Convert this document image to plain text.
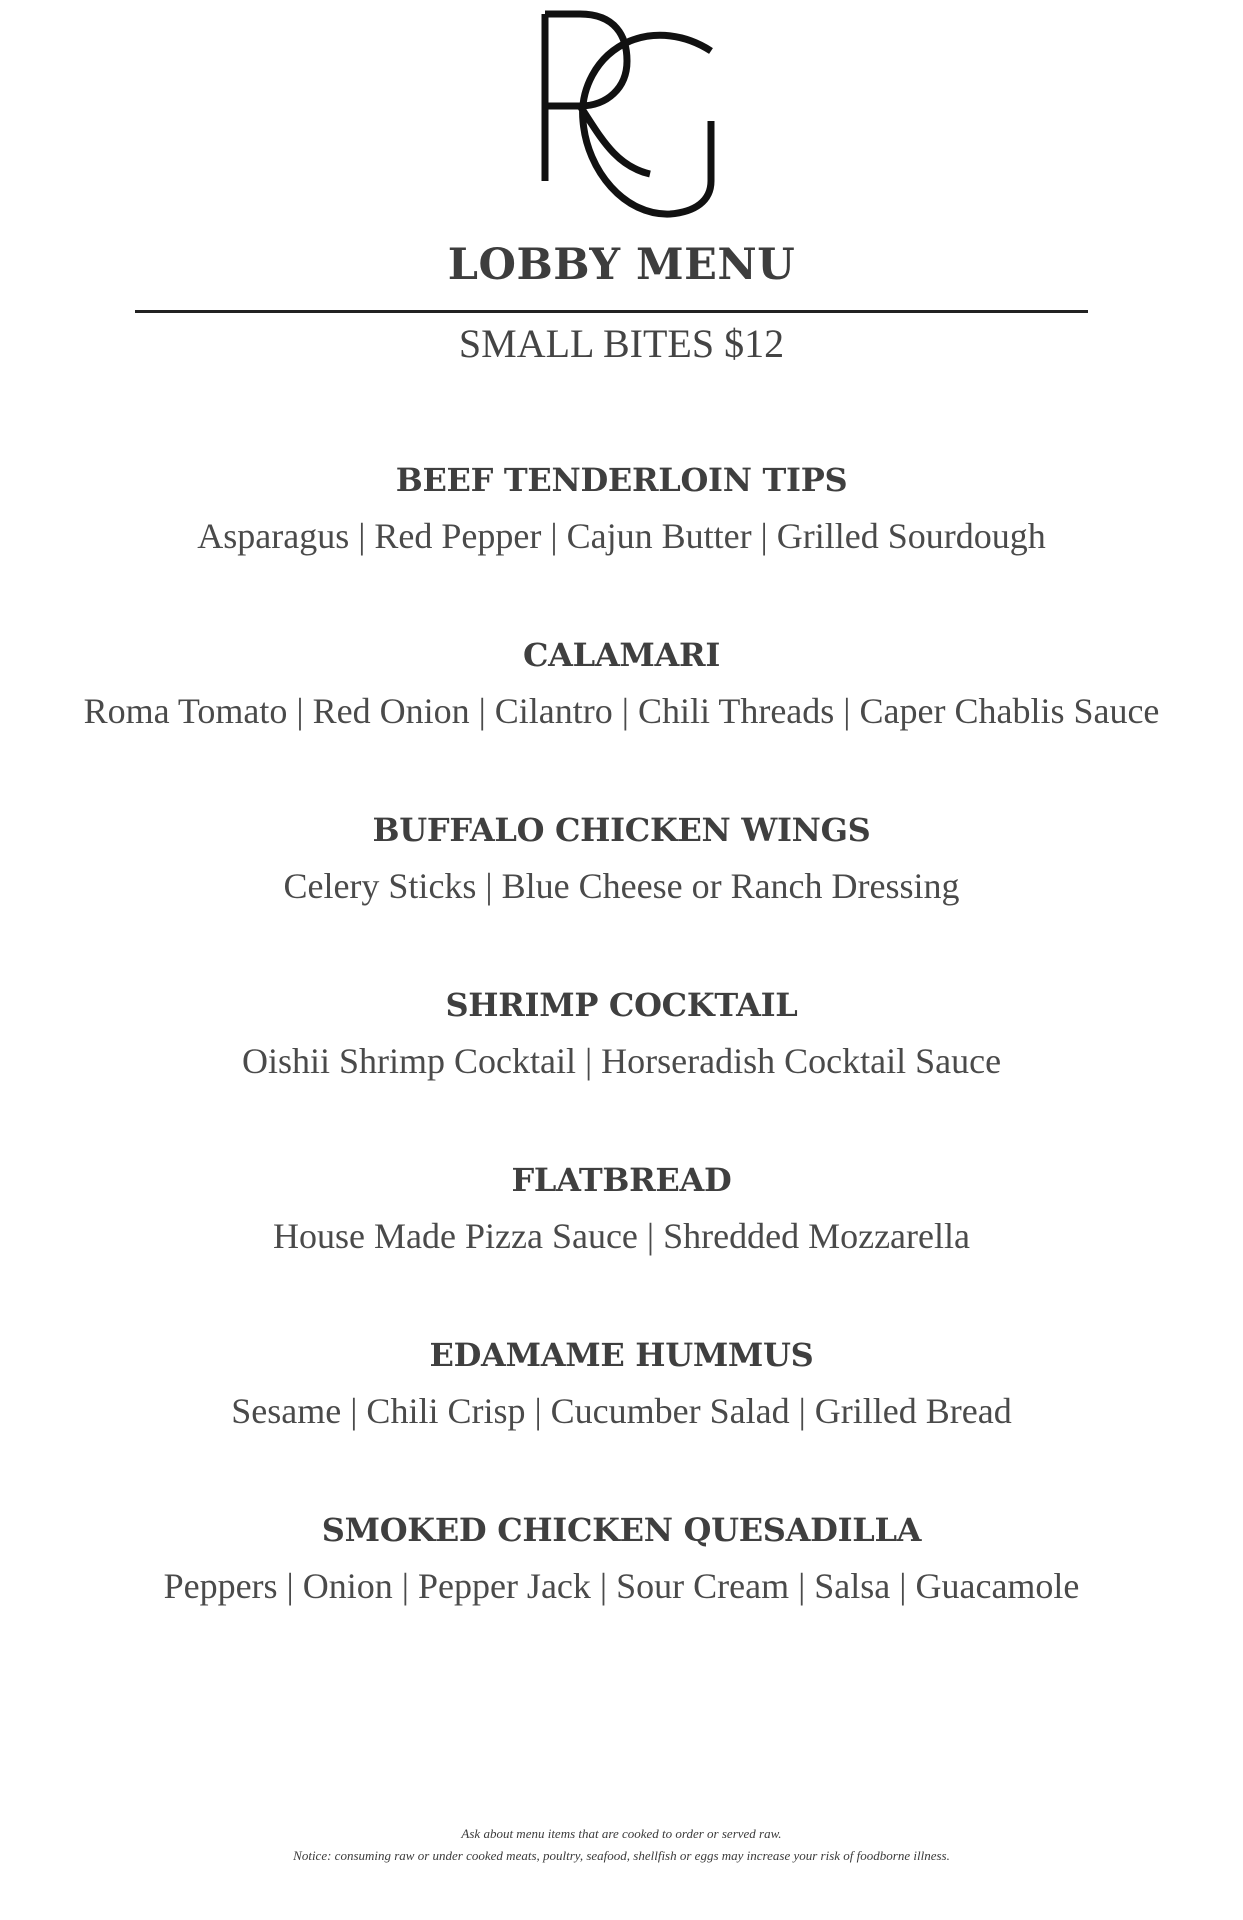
LOBBY MENU
SMALL BITES $12
BEEF TENDERLOIN TIPS
Asparagus | Red Pepper | Cajun Butter | Grilled Sourdough
CALAMARI
Roma Tomato | Red Onion | Cilantro | Chili Threads | Caper Chablis Sauce
BUFFALO CHICKEN WINGS
Celery Sticks | Blue Cheese or Ranch Dressing
SHRIMP COCKTAIL
Oishii Shrimp Cocktail | Horseradish Cocktail Sauce
FLATBREAD
House Made Pizza Sauce | Shredded Mozzarella
EDAMAME HUMMUS
Sesame | Chili Crisp | Cucumber Salad | Grilled Bread
SMOKED CHICKEN QUESADILLA
Peppers | Onion | Pepper Jack | Sour Cream | Salsa | Guacamole
Ask about menu items that are cooked to order or served raw.
Notice: consuming raw or under cooked meats, poultry, seafood, shellfish or eggs may increase your risk of foodborne illness.
